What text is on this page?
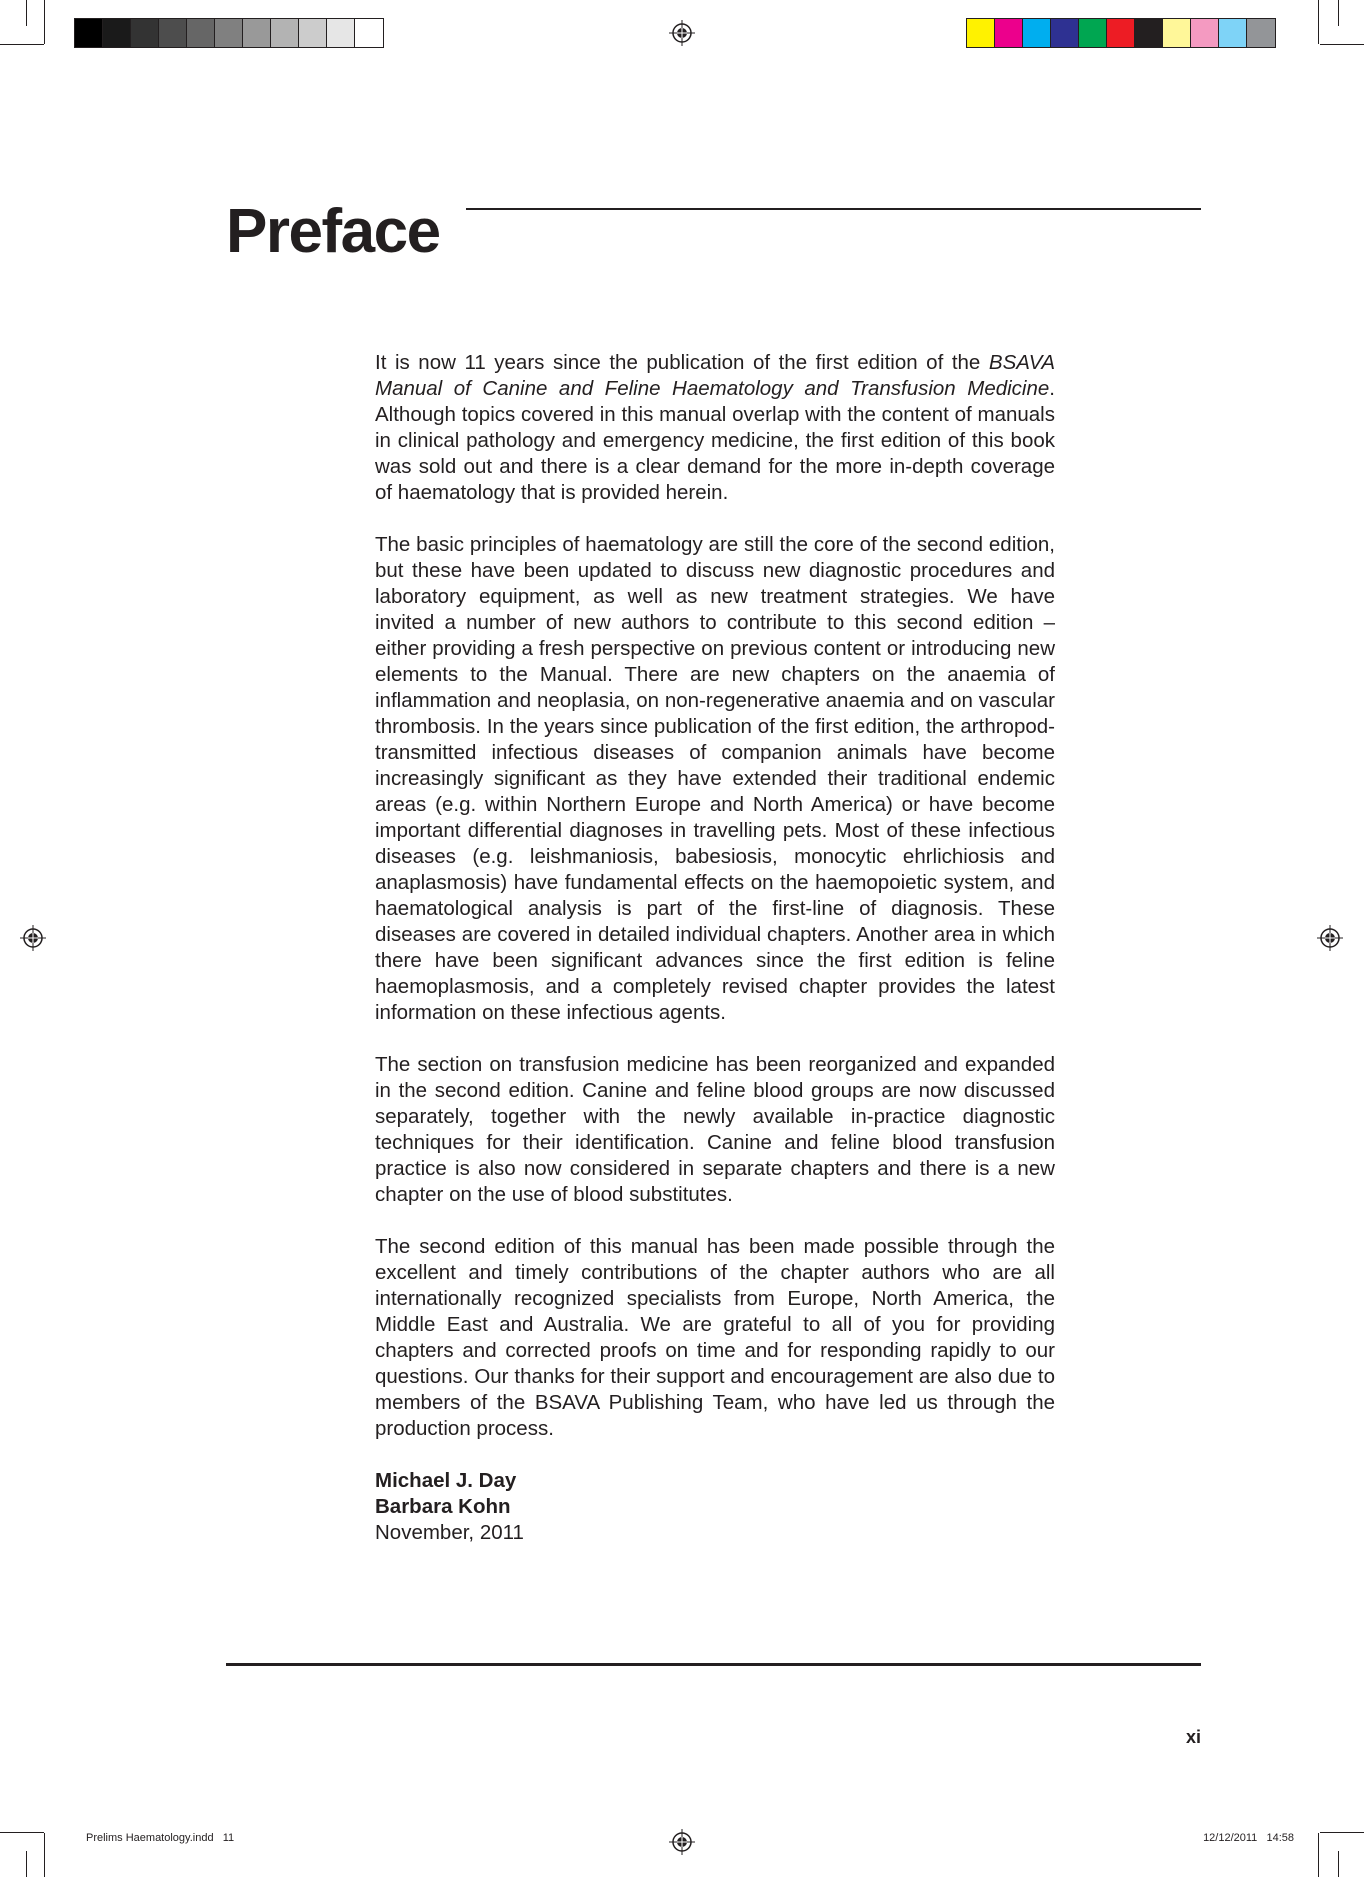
Preface

It is now 11 years since the publication of the first edition of the BSAVA Manual of Canine and Feline Haematology and Transfusion Medicine. Although topics covered in this manual overlap with the content of manuals in clinical pathology and emergency medicine, the first edition of this book was sold out and there is a clear demand for the more in-depth coverage of haematology that is provided herein.

The basic principles of haematology are still the core of the second edition, but these have been updated to discuss new diagnostic procedures and laboratory equipment, as well as new treatment strategies. We have invited a number of new authors to contribute to this second edition – either providing a fresh perspective on previous content or introducing new elements to the Manual. There are new chapters on the anaemia of inflammation and neoplasia, on non-regenerative anaemia and on vascular thrombosis. In the years since publication of the first edition, the arthropod-transmitted infectious diseases of companion animals have become increasingly significant as they have extended their traditional endemic areas (e.g. within Northern Europe and North America) or have become important differential diagnoses in travelling pets. Most of these infectious diseases (e.g. leishmaniosis, babesiosis, monocytic ehrlichiosis and anaplasmosis) have fundamental effects on the haemopoietic system, and haematological analysis is part of the first-line of diagnosis. These diseases are covered in detailed individual chapters. Another area in which there have been significant advances since the first edition is feline haemoplasmosis, and a completely revised chapter provides the latest information on these infectious agents.

The section on transfusion medicine has been reorganized and expanded in the second edition. Canine and feline blood groups are now discussed separately, together with the newly available in-practice diagnostic techniques for their identification. Canine and feline blood transfusion practice is also now considered in separate chapters and there is a new chapter on the use of blood substitutes.

The second edition of this manual has been made possible through the excellent and timely contributions of the chapter authors who are all internationally recognized specialists from Europe, North America, the Middle East and Australia. We are grateful to all of you for providing chapters and corrected proofs on time and for responding rapidly to our questions. Our thanks for their support and encouragement are also due to members of the BSAVA Publishing Team, who have led us through the production process.

Michael J. Day
Barbara Kohn
November, 2011
xi
Prelims Haematology.indd   11	12/12/2011   14:58
